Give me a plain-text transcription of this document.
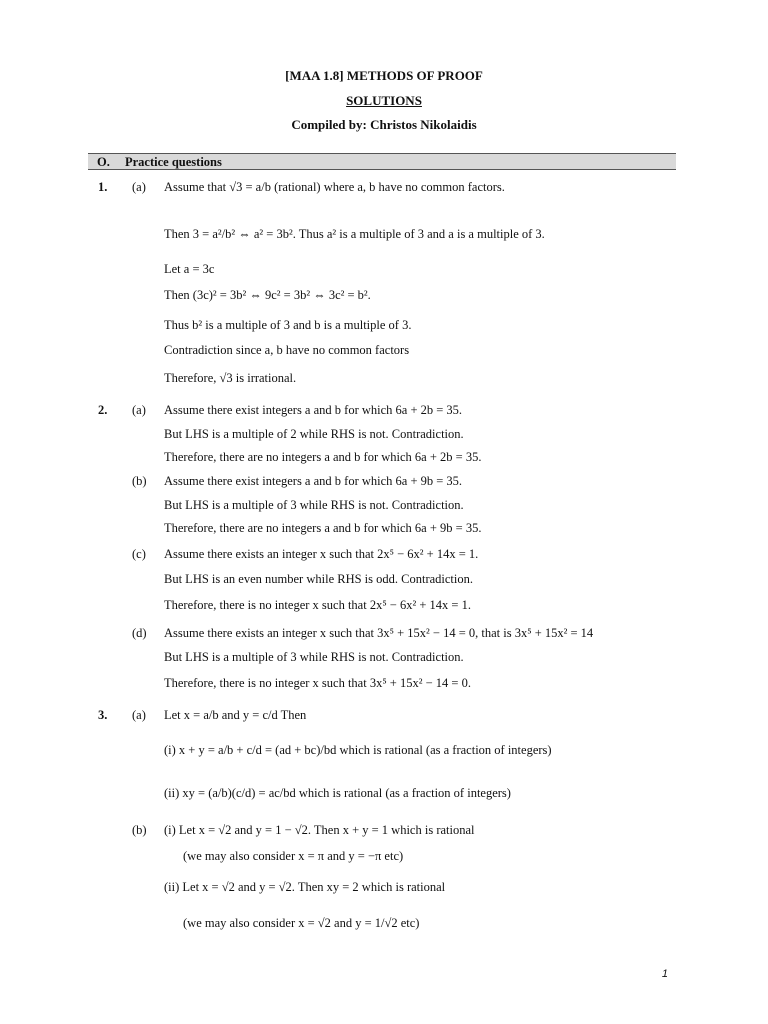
[MAA 1.8] METHODS OF PROOF
SOLUTIONS
Compiled by: Christos Nikolaidis
O. Practice questions
1. (a) Assume that √3 = a/b (rational) where a, b have no common factors.
Then 3 = a²/b² ⇔ a² = 3b². Thus a² is a multiple of 3 and a is a multiple of 3.
Let a = 3c
Then (3c)² = 3b² ⇔ 9c² = 3b² ⇔ 3c² = b².
Thus b² is a multiple of 3 and b is a multiple of 3.
Contradiction since a, b have no common factors
Therefore, √3 is irrational.
2. (a) Assume there exist integers a and b for which 6a + 2b = 35.
But LHS is a multiple of 2 while RHS is not. Contradiction.
Therefore, there are no integers a and b for which 6a + 2b = 35.
(b) Assume there exist integers a and b for which 6a + 9b = 35.
But LHS is a multiple of 3 while RHS is not. Contradiction.
Therefore, there are no integers a and b for which 6a + 9b = 35.
(c) Assume there exists an integer x such that 2x⁵ − 6x² + 14x = 1.
But LHS is an even number while RHS is odd. Contradiction.
Therefore, there is no integer x such that 2x⁵ − 6x² + 14x = 1.
(d) Assume there exists an integer x such that 3x⁵ + 15x² − 14 = 0, that is 3x⁵ + 15x² = 14
But LHS is a multiple of 3 while RHS is not. Contradiction.
Therefore, there is no integer x such that 3x⁵ + 15x² − 14 = 0.
3. (a) Let x = a/b and y = c/d Then
(i) x + y = a/b + c/d = (ad + bc)/bd which is rational (as a fraction of integers)
(ii) xy = (a/b)(c/d) = ac/bd which is rational (as a fraction of integers)
(b) (i) Let x = √2 and y = 1 − √2. Then x + y = 1 which is rational
(we may also consider x = π and y = −π etc)
(ii) Let x = √2 and y = √2. Then xy = 2 which is rational
(we may also consider x = √2 and y = 1/√2 etc)
1
